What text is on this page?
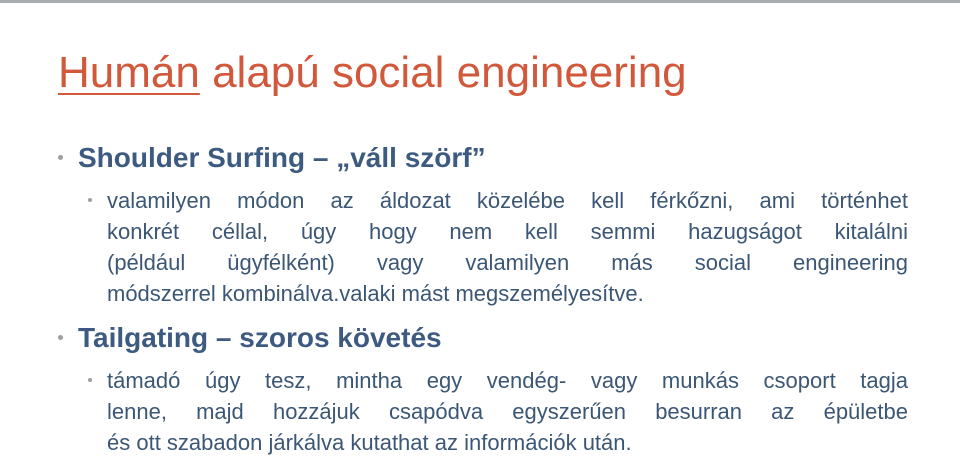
Humán alapú social engineering
Shoulder Surfing – „váll szörf”
valamilyen módon az áldozat közelébe kell férkőzni, ami történhet
konkrét céllal, úgy hogy nem kell semmi hazugságot kitalálni
(például ügyfélként) vagy valamilyen más social engineering
módszerrel kombinálva.valaki mást megszemélyesítve.
Tailgating – szoros követés
támadó úgy tesz, mintha egy vendég- vagy munkás csoport tagja
lenne, majd hozzájuk csapódva egyszerűen besurran az épületbe
és ott szabadon járkálva kutathat az információk után.
